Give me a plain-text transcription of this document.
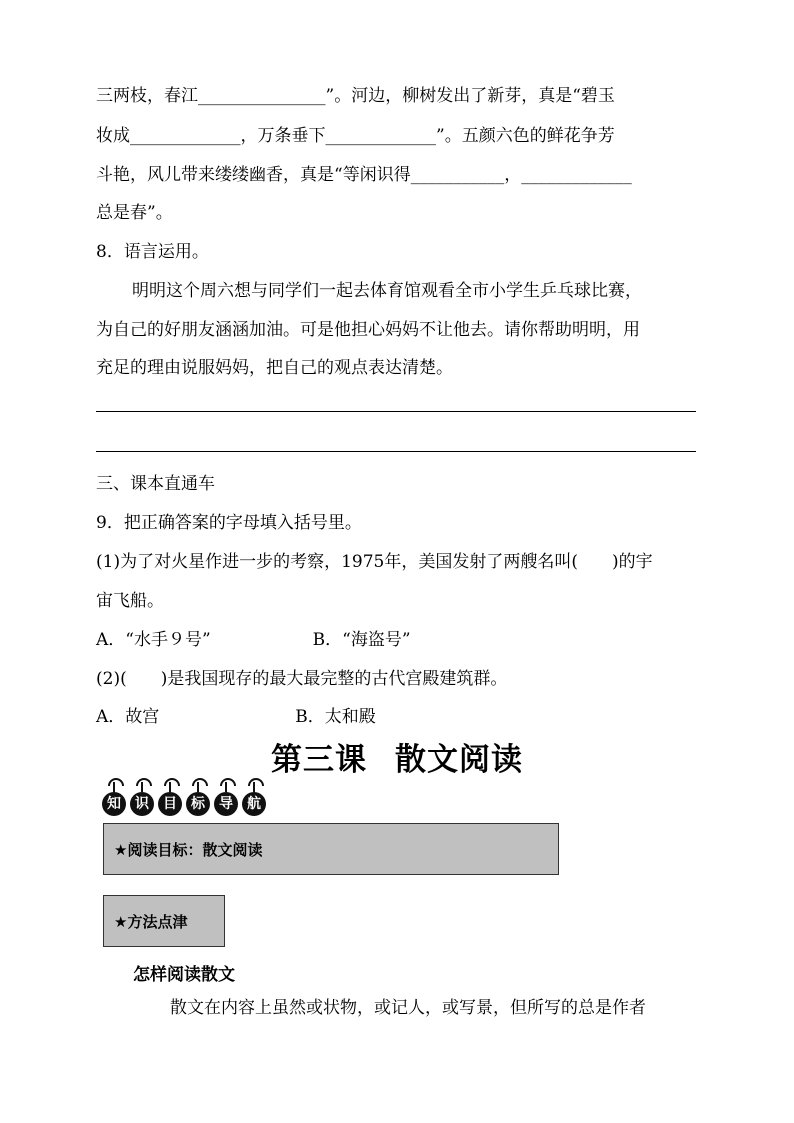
三两枝，春江_______________”。河边，柳树发出了新芽，真是“碧玉
妆成_____________，万条垂下_____________”。五颜六色的鲜花争芳
斗艳，风儿带来缕缕幽香，真是“等闲识得___________，_____________
总是春”。
8．语言运用。
明明这个周六想与同学们一起去体育馆观看全市小学生乒乓球比赛，
为自己的好朋友涵涵加油。可是他担心妈妈不让他去。请你帮助明明，用
充足的理由说服妈妈，把自己的观点表达清楚。
三、课本直通车
9．把正确答案的字母填入括号里。
(1)为了对火星作进一步的考察，1975年，美国发射了两艘名叫(　　)的宇
宙飞船。
A．“水手９号”　　　　　　B．“海盗号”
(2)(　　)是我国现存的最大最完整的古代宫殿建筑群。
A．故宫　　　　　　　　B．太和殿
第三课 散文阅读
知	识	目	标	导	航
★阅读目标：散文阅读
★方法点津
怎样阅读散文
散文在内容上虽然或状物，或记人，或写景，但所写的总是作者
